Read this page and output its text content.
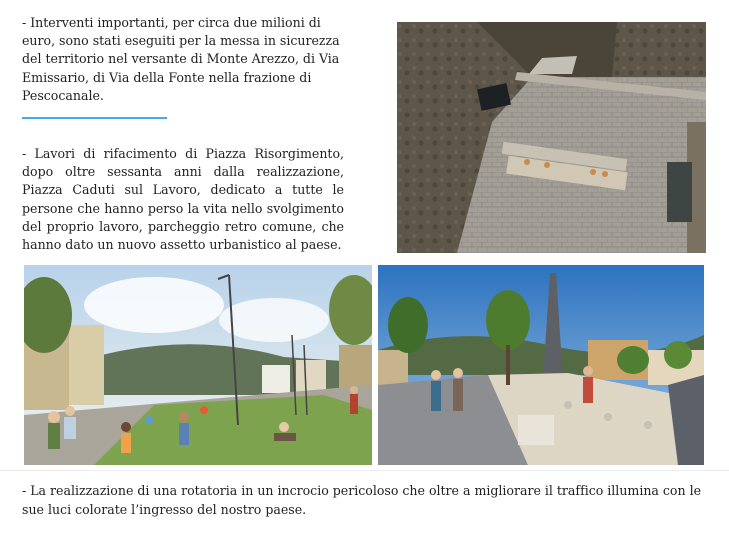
- Interventi importanti, per circa due milioni di euro, sono stati eseguiti per la messa in sicurezza del territorio nel versante di Monte Arezzo, di Via Emissario, di Via della Fonte nella frazione di Pescocanale.

- Lavori di rifacimento di Piazza Risorgimento, dopo oltre sessanta anni dalla realizzazione, Piazza Caduti sul Lavoro, dedicato a tutte le persone che hanno perso la vita nello svolgimento del proprio lavoro, parcheggio retro comune, che hanno dato un nuovo assetto urbanistico al paese.

- La realizzazione di una rotatoria in un incrocio pericoloso che oltre a migliorare il traffico illumina con le sue luci colorate l’ingresso del nostro paese.
